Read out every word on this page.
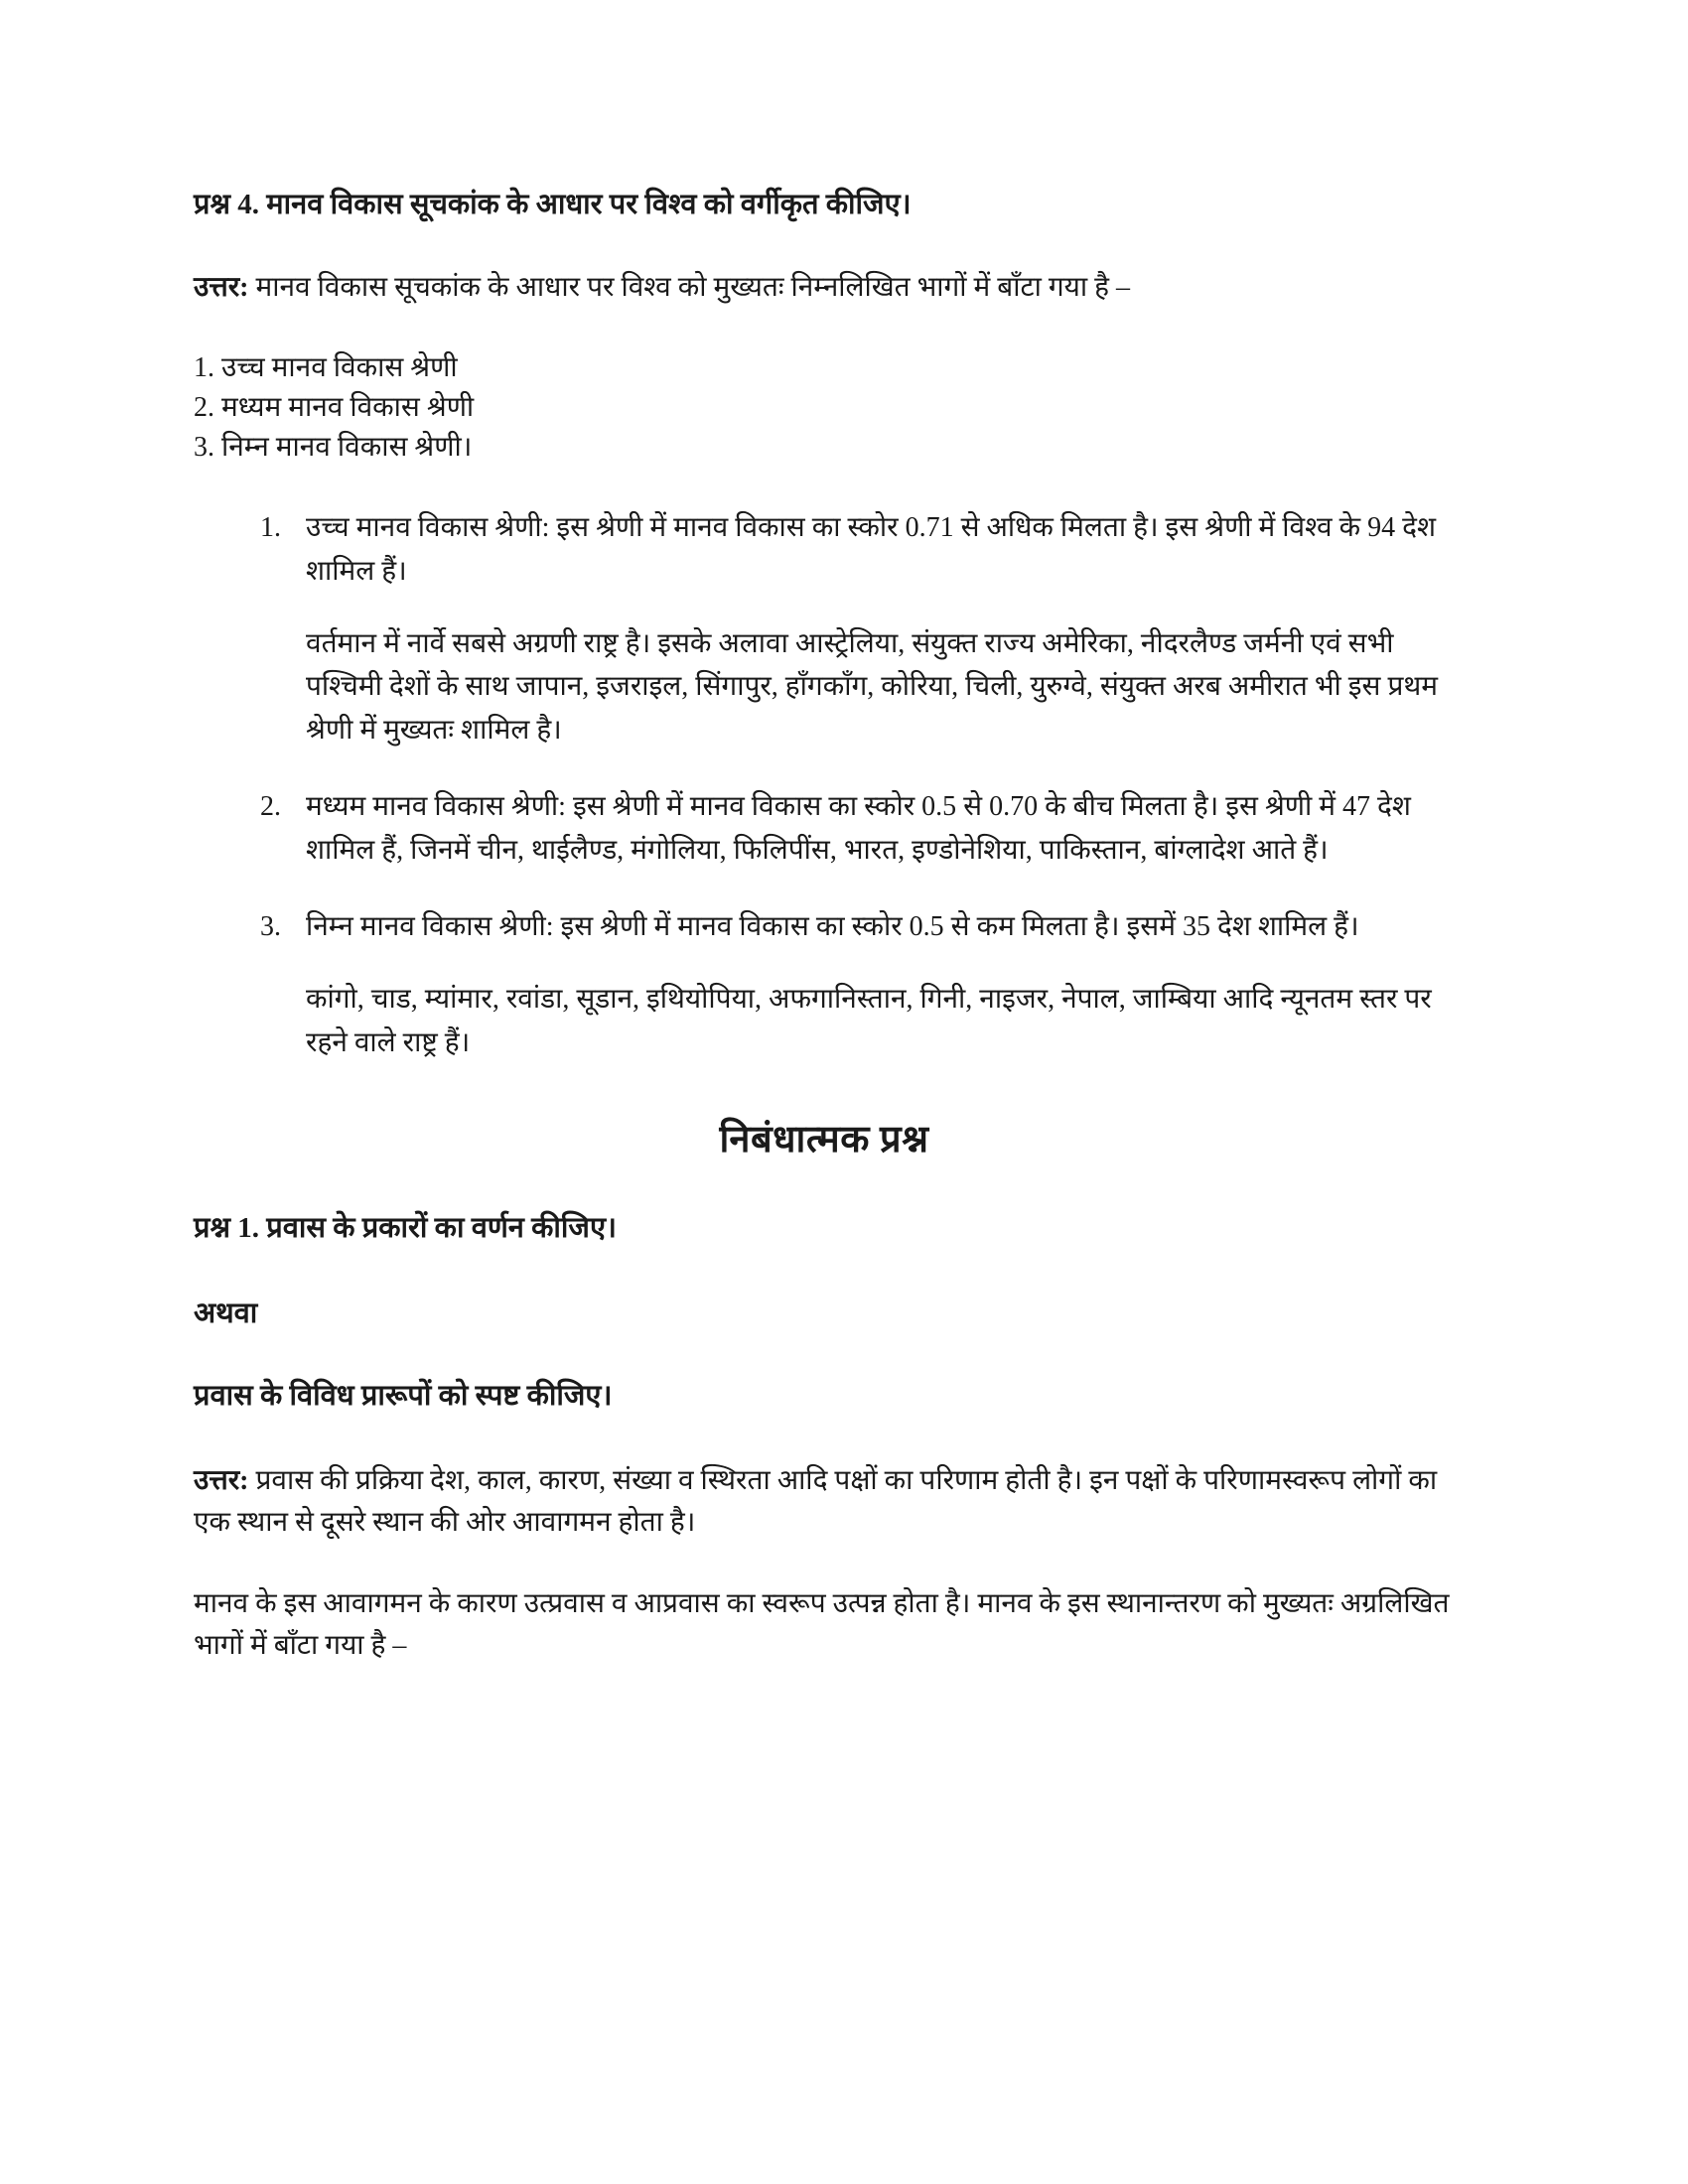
प्रश्न 4. मानव विकास सूचकांक के आधार पर विश्व को वर्गीकृत कीजिए।

उत्तर: मानव विकास सूचकांक के आधार पर विश्व को मुख्यतः निम्नलिखित भागों में बाँटा गया है –

1. उच्च मानव विकास श्रेणी
2. मध्यम मानव विकास श्रेणी
3. निम्न मानव विकास श्रेणी।

1. उच्च मानव विकास श्रेणी: इस श्रेणी में मानव विकास का स्कोर 0.71 से अधिक मिलता है। इस श्रेणी में विश्व के 94 देश शामिल हैं।

वर्तमान में नार्वे सबसे अग्रणी राष्ट्र है। इसके अलावा आस्ट्रेलिया, संयुक्त राज्य अमेरिका, नीदरलैण्ड जर्मनी एवं सभी पश्चिमी देशों के साथ जापान, इजराइल, सिंगापुर, हाँगकाँग, कोरिया, चिली, युरुग्वे, संयुक्त अरब अमीरात भी इस प्रथम श्रेणी में मुख्यतः शामिल है।

2. मध्यम मानव विकास श्रेणी: इस श्रेणी में मानव विकास का स्कोर 0.5 से 0.70 के बीच मिलता है। इस श्रेणी में 47 देश शामिल हैं, जिनमें चीन, थाईलैण्ड, मंगोलिया, फिलिपींस, भारत, इण्डोनेशिया, पाकिस्तान, बांग्लादेश आते हैं।

3. निम्न मानव विकास श्रेणी: इस श्रेणी में मानव विकास का स्कोर 0.5 से कम मिलता है। इसमें 35 देश शामिल हैं।

कांगो, चाड, म्यांमार, रवांडा, सूडान, इथियोपिया, अफगानिस्तान, गिनी, नाइजर, नेपाल, जाम्बिया आदि न्यूनतम स्तर पर रहने वाले राष्ट्र हैं।

निबंधात्मक प्रश्न
प्रश्न 1. प्रवास के प्रकारों का वर्णन कीजिए।
अथवा
प्रवास के विविध प्रारूपों को स्पष्ट कीजिए।

उत्तर: प्रवास की प्रक्रिया देश, काल, कारण, संख्या व स्थिरता आदि पक्षों का परिणाम होती है। इन पक्षों के परिणामस्वरूप लोगों का एक स्थान से दूसरे स्थान की ओर आवागमन होता है।

मानव के इस आवागमन के कारण उत्प्रवास व आप्रवास का स्वरूप उत्पन्न होता है। मानव के इस स्थानान्तरण को मुख्यतः अग्रलिखित भागों में बाँटा गया है –
